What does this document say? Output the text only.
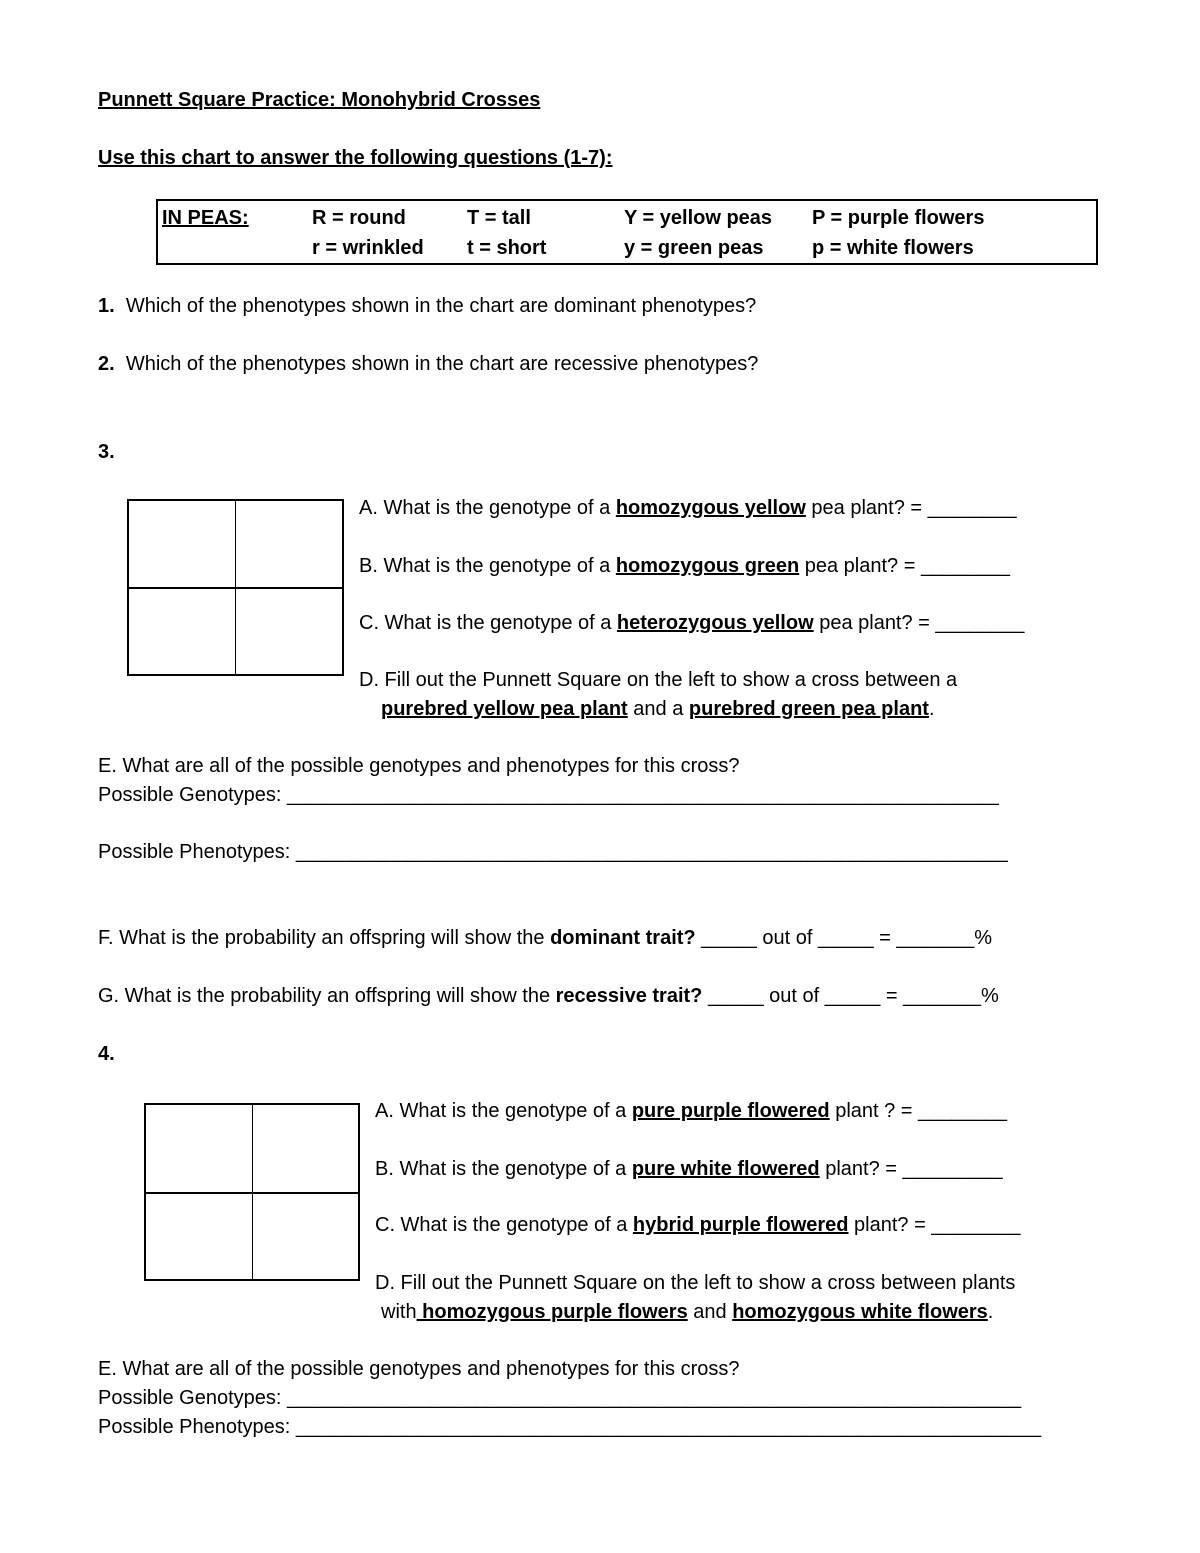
Punnett Square Practice: Monohybrid Crosses
Use this chart to answer the following questions (1-7):
IN PEAS:	R = round
r = wrinkled
T = tall
t = short
Y = yellow peas
y = green peas
P = purple flowers
p = white flowers
1. Which of the phenotypes shown in the chart are dominant phenotypes?
2. Which of the phenotypes shown in the chart are recessive phenotypes?
3.
A. What is the genotype of a homozygous yellow pea plant? = ________
B. What is the genotype of a homozygous green pea plant? = ________
C. What is the genotype of a heterozygous yellow pea plant? = ________
D. Fill out the Punnett Square on the left to show a cross between a
purebred yellow pea plant and a purebred green pea plant.
E. What are all of the possible genotypes and phenotypes for this cross?
Possible Genotypes: ________________________________________________________________
Possible Phenotypes: ________________________________________________________________
F. What is the probability an offspring will show the dominant trait? _____ out of _____ = _______%
G. What is the probability an offspring will show the recessive trait? _____ out of _____ = _______%
4.
A. What is the genotype of a pure purple flowered plant ? = ________
B. What is the genotype of a pure white flowered plant? = _________
C. What is the genotype of a hybrid purple flowered plant? = ________
D. Fill out the Punnett Square on the left to show a cross between plants
with homozygous purple flowers and homozygous white flowers.
E. What are all of the possible genotypes and phenotypes for this cross?
Possible Genotypes: __________________________________________________________________
Possible Phenotypes: ___________________________________________________________________
